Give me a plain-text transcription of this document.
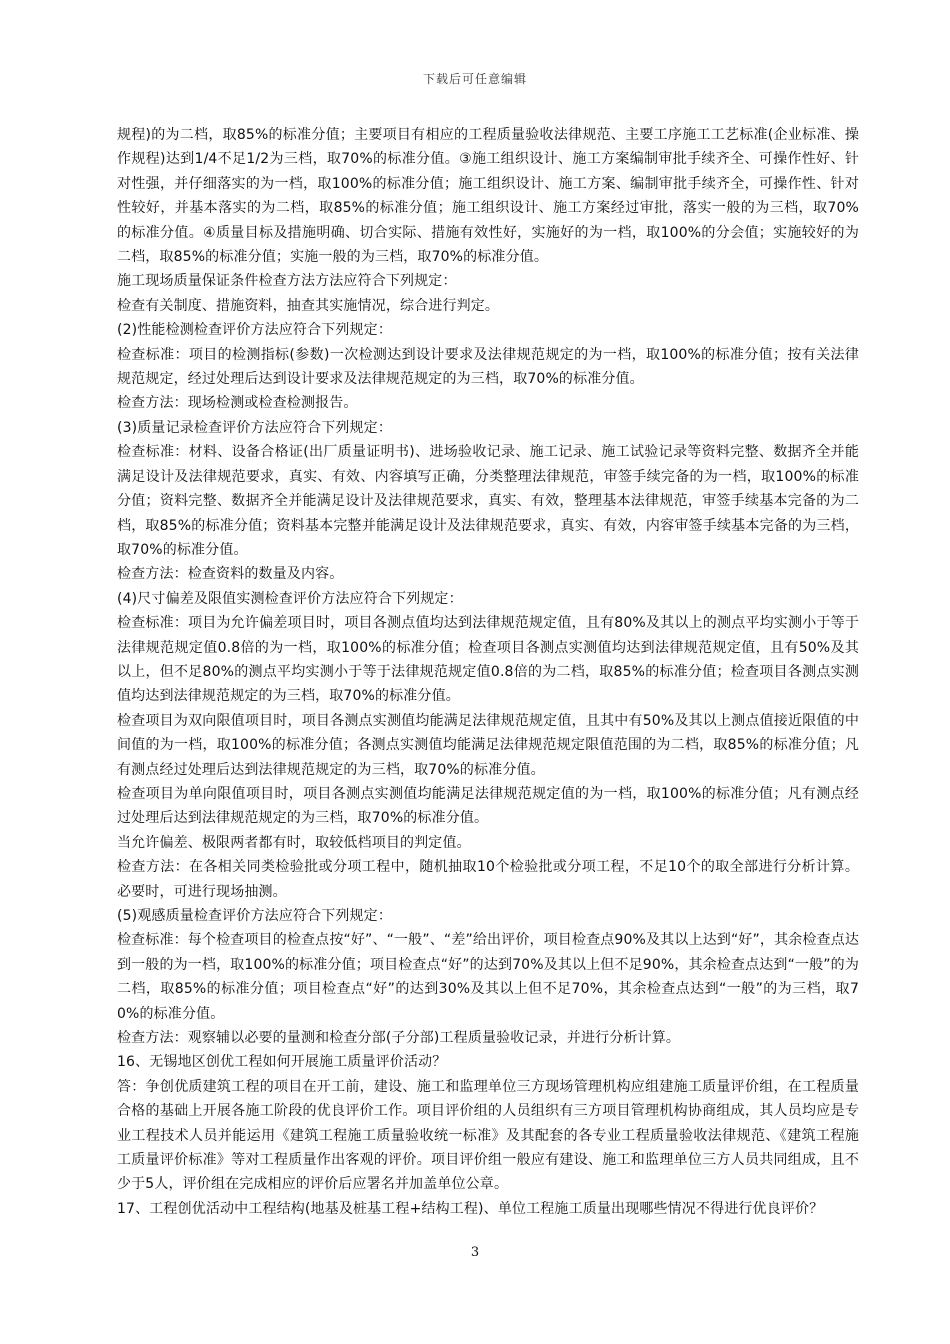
下载后可任意编辑

规程)的为二档，取85%的标准分值；主要项目有相应的工程质量验收法律规范、主要工序施工工艺标准(企业标准、操作规程)达到1/4不足1/2为三档，取70%的标准分值。③施工组织设计、施工方案编制审批手续齐全、可操作性好、针对性强，并仔细落实的为一档，取100%的标准分值；施工组织设计、施工方案、编制审批手续齐全，可操作性、针对性较好，并基本落实的为二档，取85%的标准分值；施工组织设计、施工方案经过审批，落实一般的为三档，取70%的标准分值。④质量目标及措施明确、切合实际、措施有效性好，实施好的为一档，取100%的分会值；实施较好的为二档，取85%的标准分值；实施一般的为三档，取70%的标准分值。

施工现场质量保证条件检查方法方法应符合下列规定：

检查有关制度、措施资料，抽查其实施情况，综合进行判定。

(2)性能检测检查评价方法应符合下列规定：

检查标准：项目的检测指标(参数)一次检测达到设计要求及法律规范规定的为一档，取100%的标准分值；按有关法律规范规定，经过处理后达到设计要求及法律规范规定的为三档，取70%的标准分值。

检查方法：现场检测或检查检测报告。

(3)质量记录检查评价方法应符合下列规定：

检查标准：材料、设备合格证(出厂质量证明书)、进场验收记录、施工记录、施工试验记录等资料完整、数据齐全并能满足设计及法律规范要求，真实、有效、内容填写正确，分类整理法律规范，审签手续完备的为一档，取100%的标准分值；资料完整、数据齐全并能满足设计及法律规范要求，真实、有效，整理基本法律规范，审签手续基本完备的为二档，取85%的标准分值；资料基本完整并能满足设计及法律规范要求，真实、有效，内容审签手续基本完备的为三档，取70%的标准分值。

检查方法：检查资料的数量及内容。

(4)尺寸偏差及限值实测检查评价方法应符合下列规定：

检查标准：项目为允许偏差项目时，项目各测点值均达到法律规范规定值，且有80%及其以上的测点平均实测小于等于法律规范规定值0.8倍的为一档，取100%的标准分值；检查项目各测点实测值均达到法律规范规定值，且有50%及其以上，但不足80%的测点平均实测小于等于法律规范规定值0.8倍的为二档，取85%的标准分值；检查项目各测点实测值均达到法律规范规定的为三档，取70%的标准分值。

检查项目为双向限值项目时，项目各测点实测值均能满足法律规范规定值，且其中有50%及其以上测点值接近限值的中间值的为一档，取100%的标准分值；各测点实测值均能满足法律规范规定限值范围的为二档，取85%的标准分值；凡有测点经过处理后达到法律规范规定的为三档，取70%的标准分值。

检查项目为单向限值项目时，项目各测点实测值均能满足法律规范规定值的为一档，取100%的标准分值；凡有测点经过处理后达到法律规范规定的为三档，取70%的标准分值。

当允许偏差、极限两者都有时，取较低档项目的判定值。

检查方法：在各相关同类检验批或分项工程中，随机抽取10个检验批或分项工程，不足10个的取全部进行分析计算。必要时，可进行现场抽测。

(5)观感质量检查评价方法应符合下列规定：

检查标准：每个检查项目的检查点按“好”、“一般”、“差”给出评价，项目检查点90%及其以上达到“好”，其余检查点达到一般的为一档，取100%的标准分值；项目检查点“好”的达到70%及其以上但不足90%，其余检查点达到“一般”的为二档，取85%的标准分值；项目检查点“好”的达到30%及其以上但不足70%，其余检查点达到“一般”的为三档，取70%的标准分值。

检查方法：观察辅以必要的量测和检查分部(子分部)工程质量验收记录，并进行分析计算。

16、无锡地区创优工程如何开展施工质量评价活动？

答：争创优质建筑工程的项目在开工前，建设、施工和监理单位三方现场管理机构应组建施工质量评价组，在工程质量合格的基础上开展各施工阶段的优良评价工作。项目评价组的人员组织有三方项目管理机构协商组成，其人员均应是专业工程技术人员并能运用《建筑工程施工质量验收统一标准》及其配套的各专业工程质量验收法律规范、《建筑工程施工质量评价标准》等对工程质量作出客观的评价。项目评价组一般应有建设、施工和监理单位三方人员共同组成，且不少于5人，评价组在完成相应的评价后应署名并加盖单位公章。

17、工程创优活动中工程结构(地基及桩基工程+结构工程)、单位工程施工质量出现哪些情况不得进行优良评价？

3
